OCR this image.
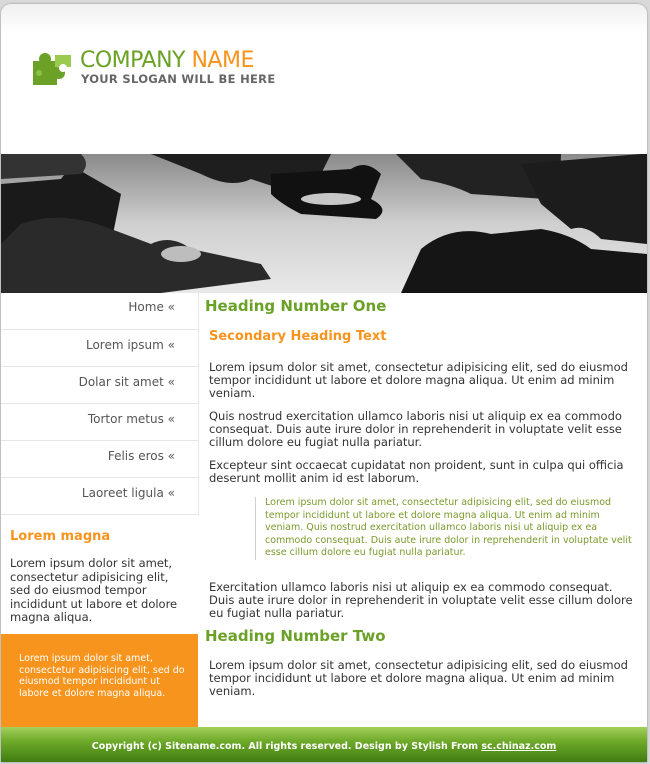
COMPANY NAME
YOUR SLOGAN WILL BE HERE
Home «
Lorem ipsum «
Dolar sit amet «
Tortor metus «
Felis eros «
Laoreet ligula «
Lorem magna

Lorem ipsum dolor sit amet, consectetur adipisicing elit, sed do eiusmod tempor incididunt ut labore et dolore magna aliqua.

Lorem ipsum dolor sit amet, consectetur adipisicing elit, sed do eiusmod tempor incididunt ut labore et dolore magna aliqua.

Heading Number One
Secondary Heading Text

Lorem ipsum dolor sit amet, consectetur adipisicing elit, sed do eiusmod tempor incididunt ut labore et dolore magna aliqua. Ut enim ad minim veniam.

Quis nostrud exercitation ullamco laboris nisi ut aliquip ex ea commodo consequat. Duis aute irure dolor in reprehenderit in voluptate velit esse cillum dolore eu fugiat nulla pariatur.

Excepteur sint occaecat cupidatat non proident, sunt in culpa qui officia deserunt mollit anim id est laborum.

Lorem ipsum dolor sit amet, consectetur adipisicing elit, sed do eiusmod tempor incididunt ut labore et dolore magna aliqua. Ut enim ad minim veniam. Quis nostrud exercitation ullamco laboris nisi ut aliquip ex ea commodo consequat. Duis aute irure dolor in reprehenderit in voluptate velit esse cillum dolore eu fugiat nulla pariatur.

Exercitation ullamco laboris nisi ut aliquip ex ea commodo consequat. Duis aute irure dolor in reprehenderit in voluptate velit esse cillum dolore eu fugiat nulla pariatur.

Heading Number Two

Lorem ipsum dolor sit amet, consectetur adipisicing elit, sed do eiusmod tempor incididunt ut labore et dolore magna aliqua. Ut enim ad minim veniam.

Copyright (c) Sitename.com. All rights reserved. Design by Stylish From sc.chinaz.com
